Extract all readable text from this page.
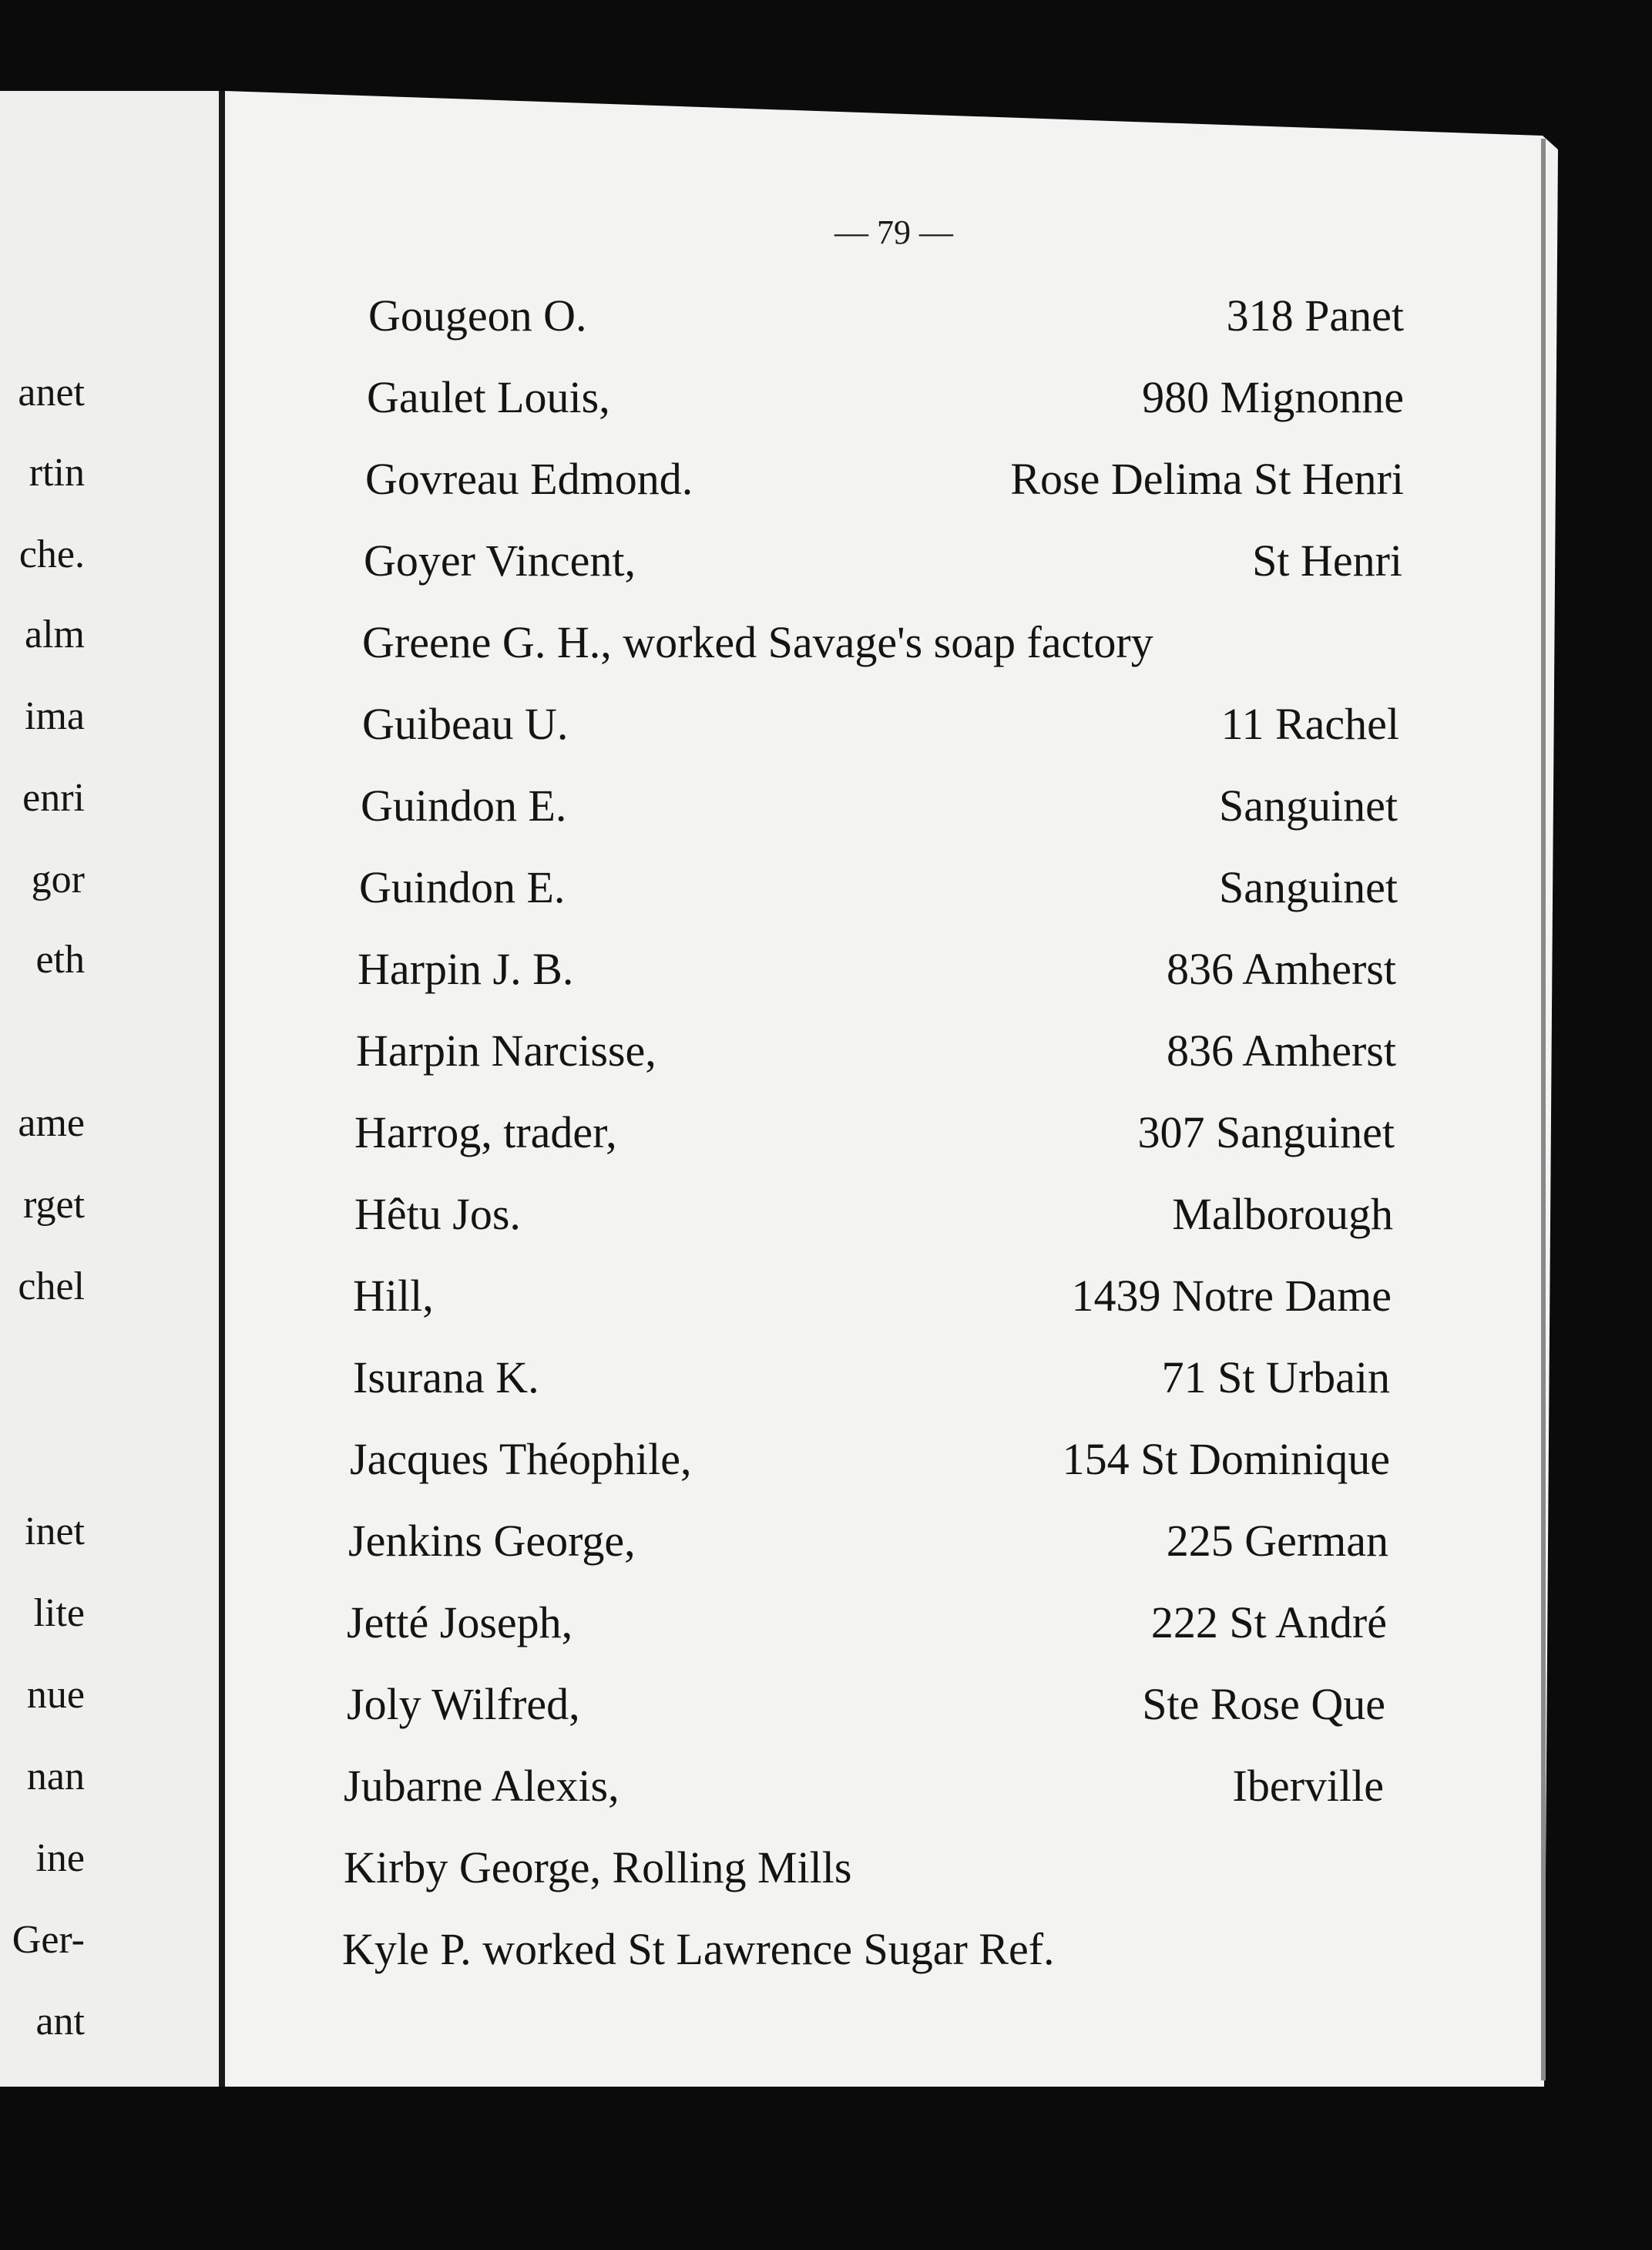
anet
rtin
che.
alm
ima
enri
gor
eth
ame
rget
chel
inet
lite
nue
nan
ine
Ger-
ant
— 79 —
Gougeon O.	318 Panet
Gaulet Louis,	980 Mignonne
Govreau Edmond.	Rose Delima St Henri
Goyer Vincent,	St Henri
Greene G. H., worked Savage's soap factory
Guibeau U.	11 Rachel
Guindon E.	Sanguinet
Guindon E.	Sanguinet
Harpin J. B.	836 Amherst
Harpin Narcisse,	836 Amherst
Harrog, trader,	307 Sanguinet
Hêtu Jos.	Malborough
Hill,	1439 Notre Dame
Isurana K.	71 St Urbain
Jacques Théophile,	154 St Dominique
Jenkins George,	225 German
Jetté Joseph,	222 St André
Joly Wilfred,	Ste Rose Que
Jubarne Alexis,	Iberville
Kirby George, Rolling Mills
Kyle P. worked St Lawrence Sugar Ref.
